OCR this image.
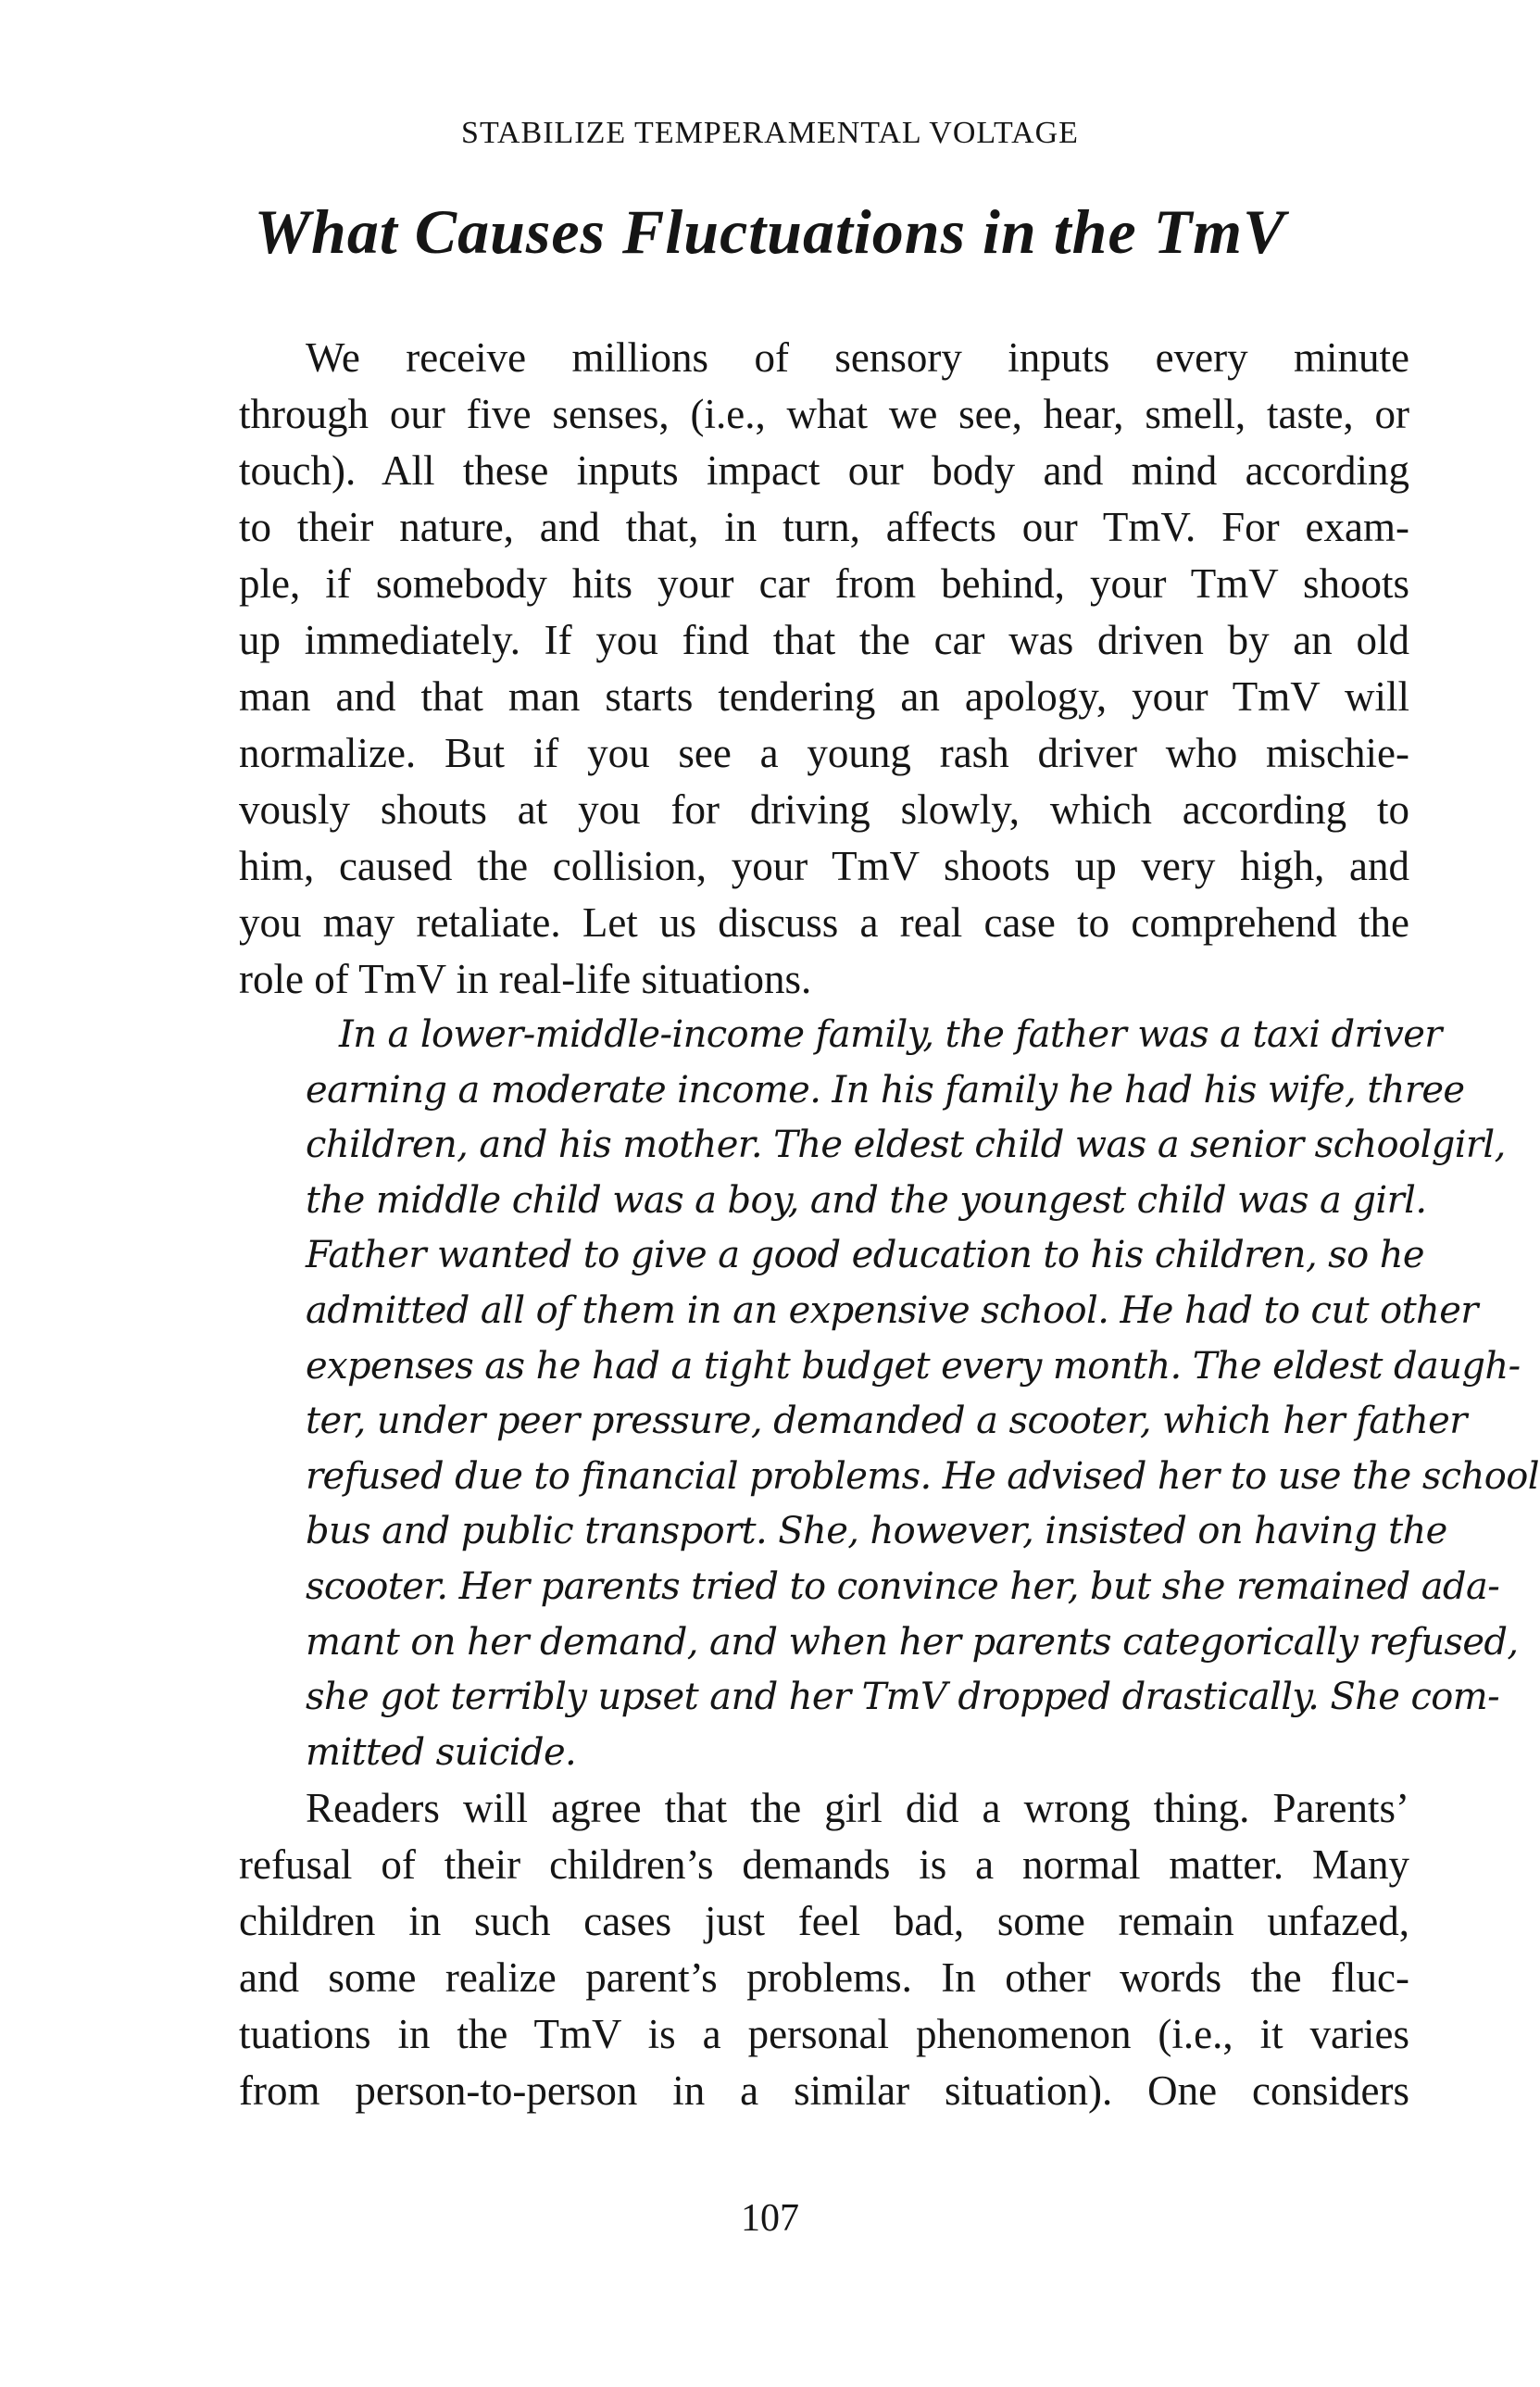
STABILIZE TEMPERAMENTAL VOLTAGE
What Causes Fluctuations in the TmV
We receive millions of sensory inputs every minute
through our five senses, (i.e., what we see, hear, smell, taste, or
touch). All these inputs impact our body and mind according
to their nature, and that, in turn, affects our TmV. For exam-
ple, if somebody hits your car from behind, your TmV shoots
up immediately. If you find that the car was driven by an old
man and that man starts tendering an apology, your TmV will
normalize. But if you see a young rash driver who mischie-
vously shouts at you for driving slowly, which according to
him, caused the collision, your TmV shoots up very high, and
you may retaliate. Let us discuss a real case to comprehend the
role of TmV in real-life situations.
In a lower-middle-income family, the father was a taxi driver
earning a moderate income. In his family he had his wife, three
children, and his mother. The eldest child was a senior schoolgirl,
the middle child was a boy, and the youngest child was a girl.
Father wanted to give a good education to his children, so he
admitted all of them in an expensive school. He had to cut other
expenses as he had a tight budget every month. The eldest daugh-
ter, under peer pressure, demanded a scooter, which her father
refused due to financial problems. He advised her to use the school
bus and public transport. She, however, insisted on having the
scooter. Her parents tried to convince her, but she remained ada-
mant on her demand, and when her parents categorically refused,
she got terribly upset and her TmV dropped drastically. She com-
mitted suicide.
Readers will agree that the girl did a wrong thing. Parents’
refusal of their children’s demands is a normal matter. Many
children in such cases just feel bad, some remain unfazed,
and some realize parent’s problems. In other words the fluc-
tuations in the TmV is a personal phenomenon (i.e., it varies
from person-to-person in a similar situation). One considers
107
